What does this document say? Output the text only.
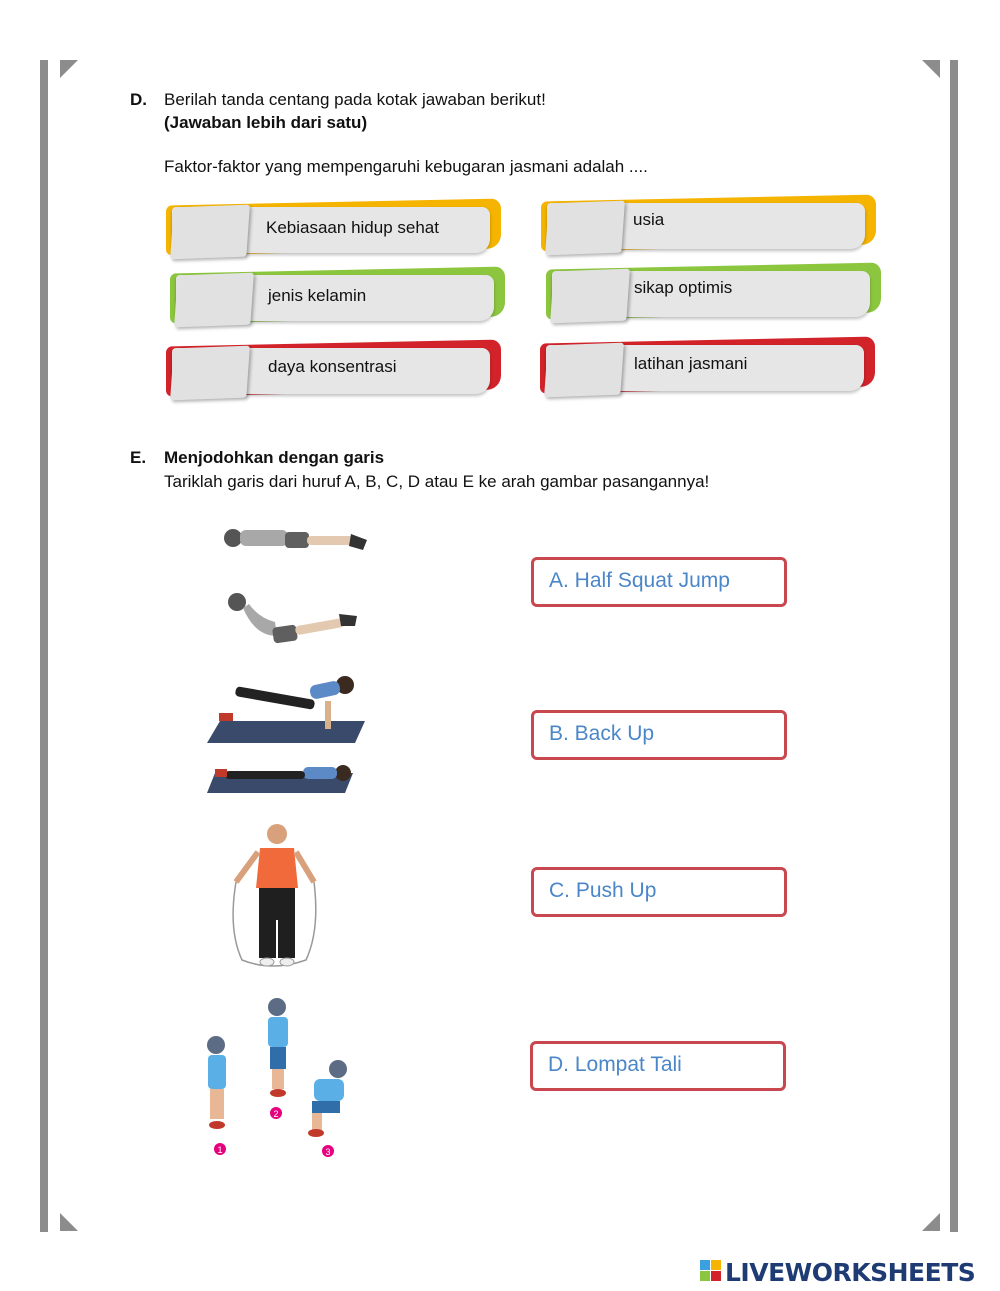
D. Berilah tanda centang pada kotak jawaban berikut!
(Jawaban lebih dari satu)
Faktor-faktor yang mempengaruhi kebugaran jasmani adalah ....
Kebiasaan hidup sehat	usia
jenis kelamin	sikap optimis
daya konsentrasi	latihan jasmani
E. Menjodohkan dengan garis
Tariklah garis dari huruf A, B, C, D atau E ke arah gambar pasangannya!
1
2
3
A. Half Squat Jump
B. Back Up
C. Push Up
D. Lompat Tali
LIVEWORKSHEETS
